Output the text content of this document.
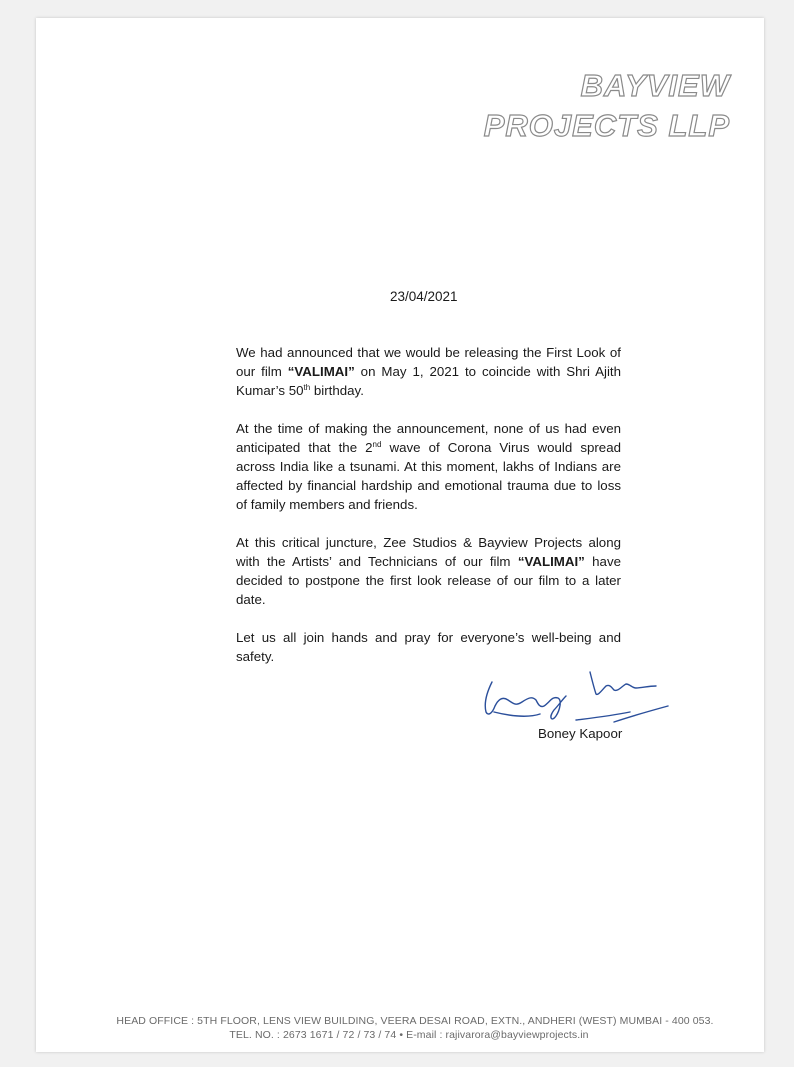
BAYVIEW
PROJECTS LLP
23/04/2021

We had announced that we would be releasing the First Look of our film “VALIMAI” on May 1, 2021 to coincide with Shri Ajith Kumar’s 50th birthday.

At the time of making the announcement, none of us had even anticipated that the 2nd wave of Corona Virus would spread across India like a tsunami. At this moment, lakhs of Indians are affected by financial hardship and emotional trauma due to loss of family members and friends.

At this critical juncture, Zee Studios & Bayview Projects along with the Artists’ and Technicians of our film “VALIMAI” have decided to postpone the first look release of our film to a later date.

Let us all join hands and pray for everyone’s well-being and safety.

Boney Kapoor
HEAD OFFICE : 5TH FLOOR, LENS VIEW BUILDING, VEERA DESAI ROAD, EXTN., ANDHERI (WEST) MUMBAI - 400 053.
TEL. NO. : 2673 1671 / 72 / 73 / 74 • E-mail : rajivarora@bayviewprojects.in
